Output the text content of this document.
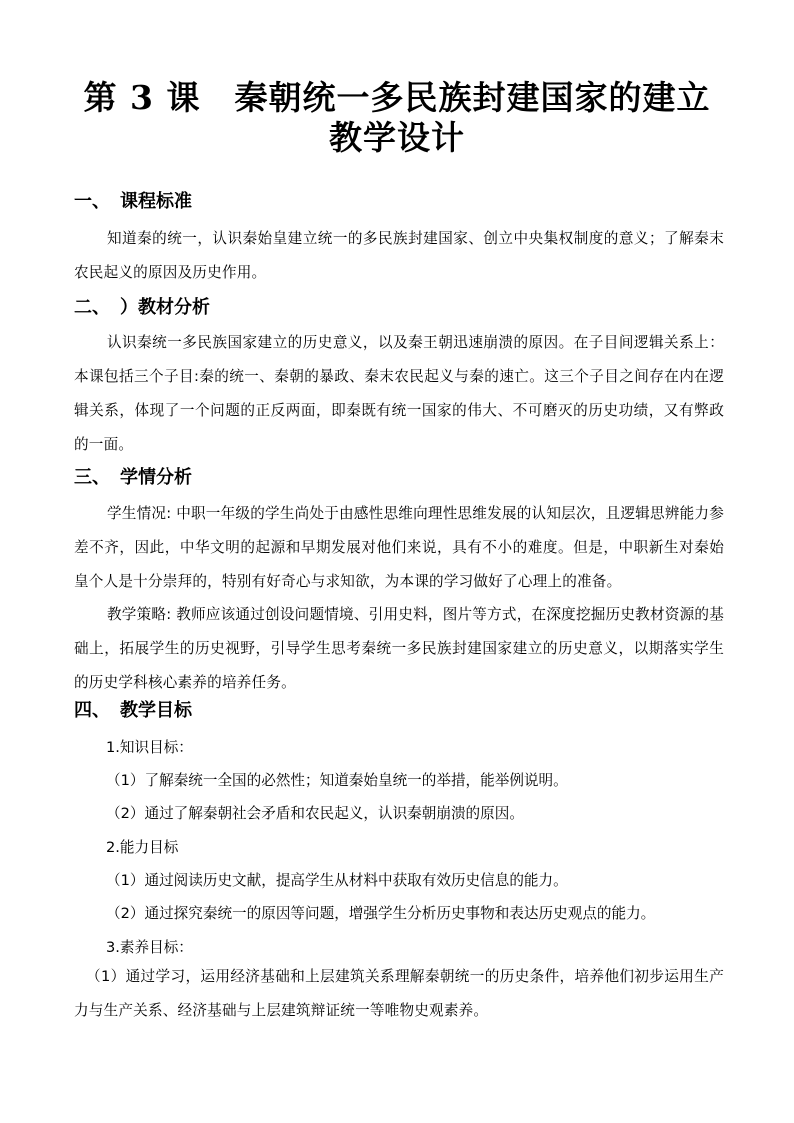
第 3 课　秦朝统一多民族封建国家的建立
教学设计
一、 课程标准
知道秦的统一，认识秦始皇建立统一的多民族封建国家、创立中央集权制度的意义；了解秦末农民起义的原因及历史作用。
二、 ）教材分析
认识秦统一多民族国家建立的历史意义，以及秦王朝迅速崩溃的原因。在子目间逻辑关系上：本课包括三个子目:秦的统一、秦朝的暴政、秦末农民起义与秦的速亡。这三个子目之间存在内在逻辑关系，体现了一个问题的正反两面，即秦既有统一国家的伟大、不可磨灭的历史功绩，又有弊政的一面。
三、 学情分析
学生情况: 中职一年级的学生尚处于由感性思维向理性思维发展的认知层次，且逻辑思辨能力参差不齐，因此，中华文明的起源和早期发展对他们来说，具有不小的难度。但是，中职新生对秦始皇个人是十分崇拜的，特别有好奇心与求知欲，为本课的学习做好了心理上的准备。
教学策略: 教师应该通过创设问题情境、引用史料，图片等方式，在深度挖掘历史教材资源的基础上，拓展学生的历史视野，引导学生思考秦统一多民族封建国家建立的历史意义，以期落实学生的历史学科核心素养的培养任务。
四、 教学目标
1.知识目标：
（1）了解秦统一全国的必然性；知道秦始皇统一的举措，能举例说明。
（2）通过了解秦朝社会矛盾和农民起义，认识秦朝崩溃的原因。
2.能力目标
（1）通过阅读历史文献，提高学生从材料中获取有效历史信息的能力。
（2）通过探究秦统一的原因等问题，增强学生分析历史事物和表达历史观点的能力。
3.素养目标：
（1）通过学习，运用经济基础和上层建筑关系理解秦朝统一的历史条件，培养他们初步运用生产力与生产关系、经济基础与上层建筑辩证统一等唯物史观素养。
